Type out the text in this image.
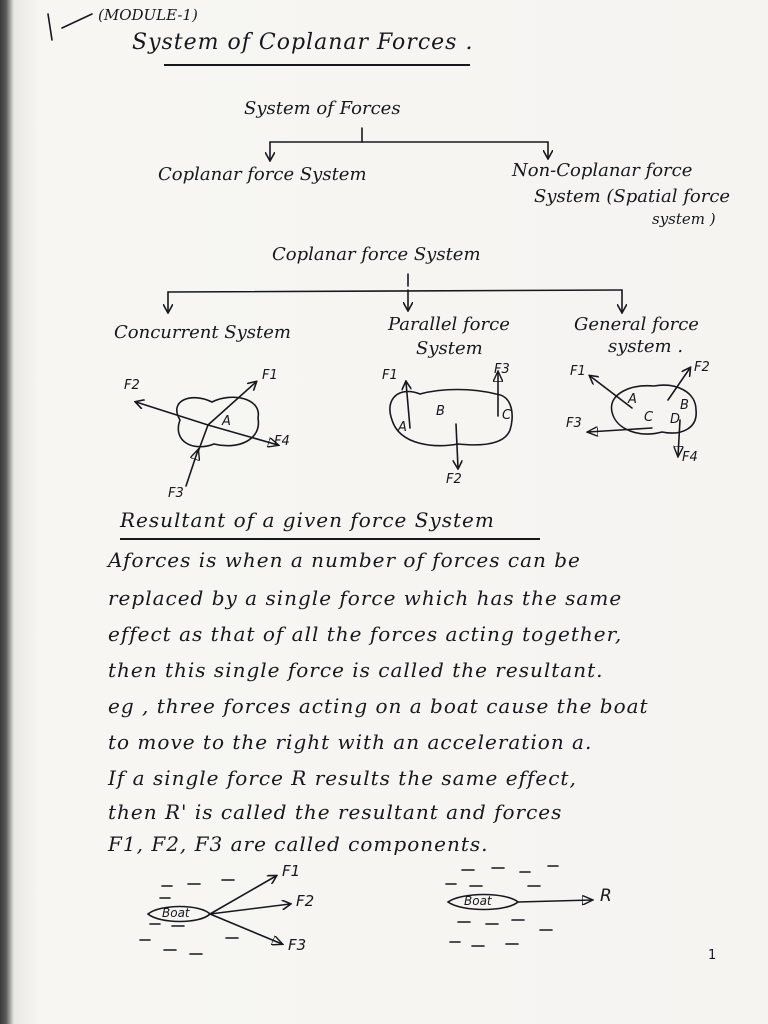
(MODULE-1)
System of Coplanar Forces .
System of Forces
Coplanar force System	Non-Coplanar force
System (Spatial force
system )
Coplanar force System
Concurrent System	Parallel force
System
General force
system .
F1
F2
F3
F4
A
F1
F2
F3
A
B	C
F1	F2
F3
F4
A	B
C D
Resultant of a given force System
Aforces is when a number of forces can be
replaced by a single force which has the same
effect as that of all the forces acting together,
then this single force is called the resultant.
eg , three forces acting on a boat cause the boat
to move to the right with an acceleration a.
If a single force R results the same effect,
then R' is called the resultant and forces
F1, F2, F3 are called components.
Boat
F1
F2
F3
Boat	R
1
